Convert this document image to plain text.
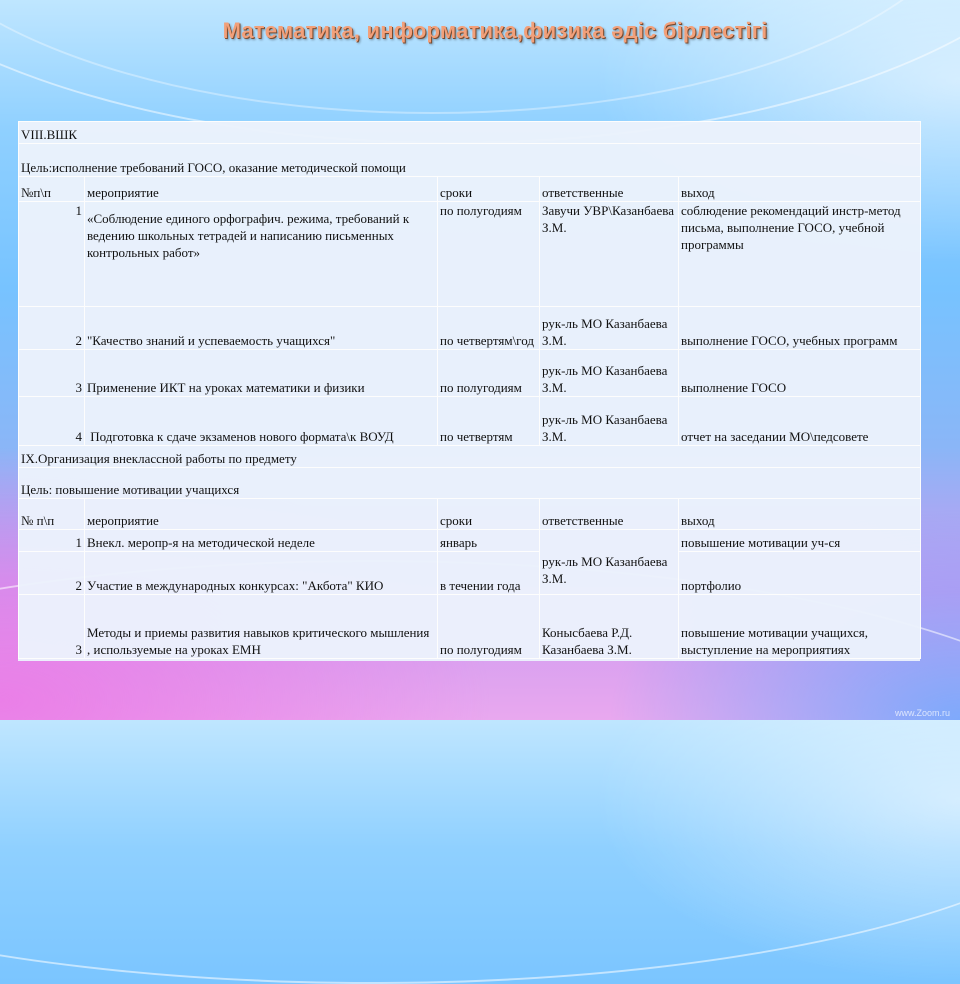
Математика, информатика,физика әдіс бірлестігі
VIII.ВШК				
Цель:исполнение требований ГОСО, оказание методической помощи				
№п\п	мероприятие	сроки	ответственные	выход
1	«Соблюдение единого орфографич. режима, требований к ведению школьных тетрадей и написанию письменных контрольных работ»	по полугодиям	Завучи УВР\Казанбаева З.М.	соблюдение рекомендаций инстр-метод письма, выполнение ГОСО, учебной программы
2	"Качество знаний и успеваемость учащихся"	по четвертям\год	рук-ль МО Казанбаева З.М.	выполнение ГОСО, учебных программ
3	Применение ИКТ на уроках математики и физики	по полугодиям	рук-ль МО Казанбаева З.М.	выполнение ГОСО
4	Подготовка к сдаче экзаменов нового формата\к ВОУД	по четвертям	рук-ль МО Казанбаева З.М.	отчет на заседании МО\педсовете
IX.Организация внеклассной работы по предмету				
Цель: повышение мотивации учащихся				
№ п\п	мероприятие	сроки	ответственные	выход
1	Внекл. меропр-я на методической неделе	январь	рук-ль МО Казанбаева З.М.	повышение мотивации уч-ся
2	Участие в международных конкурсах: "Акбота" КИО	в течении года		портфолио
3	Методы и приемы развития навыков критического мышления , используемые на уроках ЕМН	по полугодиям	Конысбаева Р.Д. Казанбаева З.М.	повышение мотивации учащихся, выступление на мероприятиях
www.Zoom.ru
